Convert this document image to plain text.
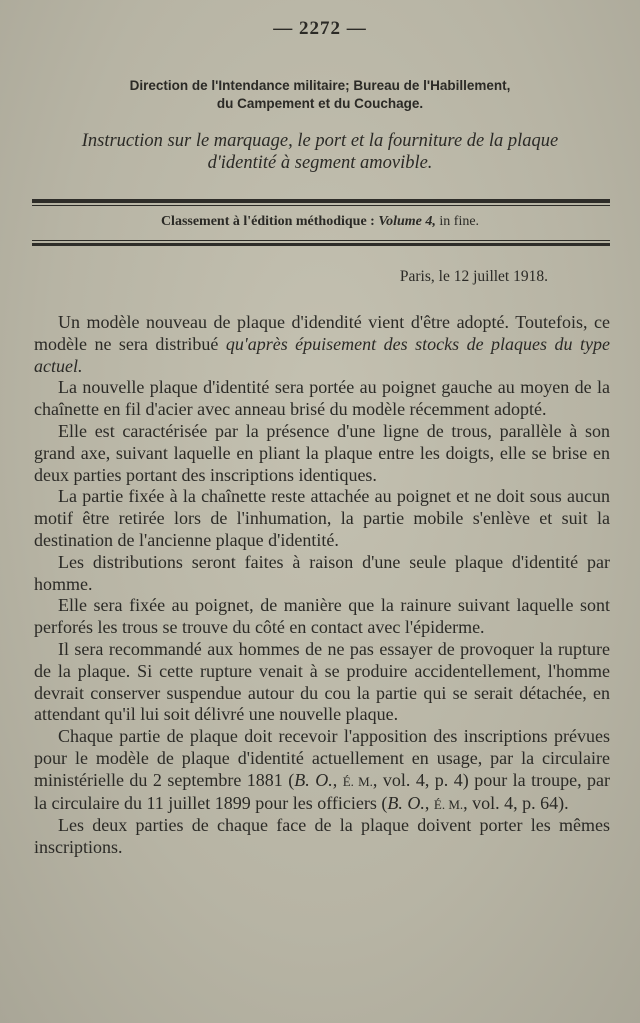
— 2272 —
Direction de l'Intendance militaire; Bureau de l'Habillement,
du Campement et du Couchage.
Instruction sur le marquage, le port et la fourniture de la plaque
d'identité à segment amovible.
Classement à l'édition méthodique : Volume 4, in fine.
Paris, le 12 juillet 1918.

Un modèle nouveau de plaque d'idendité vient d'être adopté. Toutefois, ce modèle ne sera distribué qu'après épuisement des stocks de plaques du type actuel.

La nouvelle plaque d'identité sera portée au poignet gauche au moyen de la chaînette en fil d'acier avec anneau brisé du modèle récemment adopté.

Elle est caractérisée par la présence d'une ligne de trous, parallèle à son grand axe, suivant laquelle en pliant la plaque entre les doigts, elle se brise en deux parties portant des inscriptions identiques.

La partie fixée à la chaînette reste attachée au poignet et ne doit sous aucun motif être retirée lors de l'inhumation, la partie mobile s'enlève et suit la destination de l'ancienne plaque d'identité.

Les distributions seront faites à raison d'une seule plaque d'identité par homme.

Elle sera fixée au poignet, de manière que la rainure suivant laquelle sont perforés les trous se trouve du côté en contact avec l'épiderme.

Il sera recommandé aux hommes de ne pas essayer de provoquer la rupture de la plaque. Si cette rupture venait à se produire accidentellement, l'homme devrait conserver suspendue autour du cou la partie qui se serait détachée, en attendant qu'il lui soit délivré une nouvelle plaque.

Chaque partie de plaque doit recevoir l'apposition des inscriptions prévues pour le modèle de plaque d'identité actuellement en usage, par la circulaire ministérielle du 2 septembre 1881 (B. O., É. M., vol. 4, p. 4) pour la troupe, par la circulaire du 11 juillet 1899 pour les officiers (B. O., É. M., vol. 4, p. 64).

Les deux parties de chaque face de la plaque doivent porter les mêmes inscriptions.
